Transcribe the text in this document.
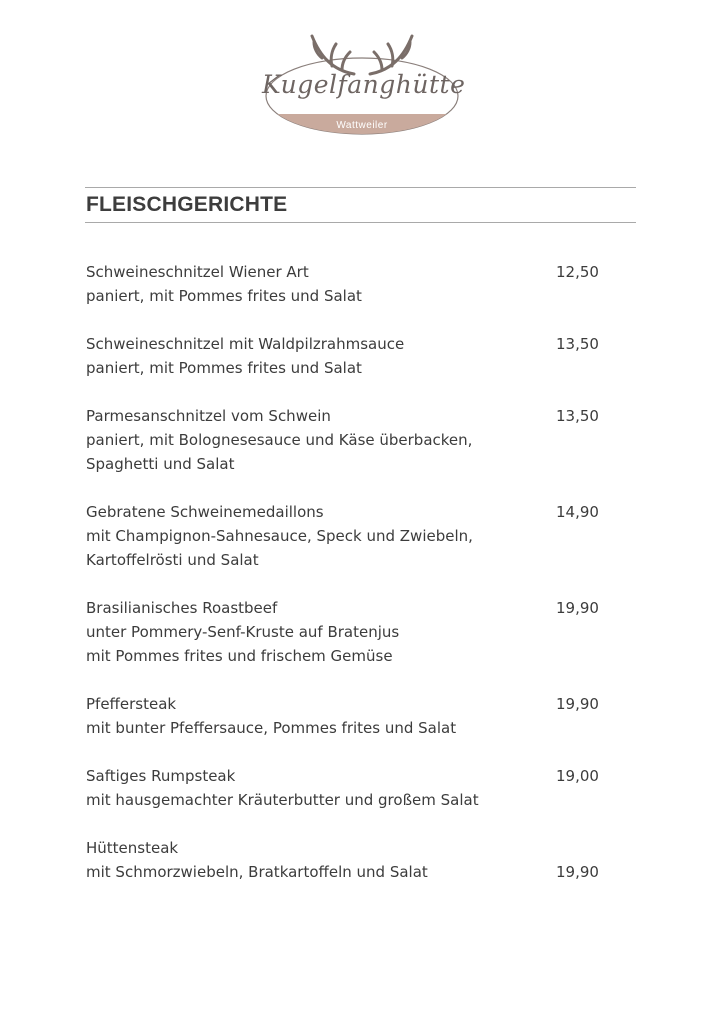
Kugelfanghütte
Wattweiler
FLEISCHGERICHTE
Schweineschnitzel Wiener Art
paniert, mit Pommes frites und Salat
12,50
Schweineschnitzel mit Waldpilzrahmsauce
paniert, mit Pommes frites und Salat
13,50
Parmesanschnitzel vom Schwein
paniert, mit Bolognesesauce und Käse überbacken,
Spaghetti und Salat
13,50
Gebratene Schweinemedaillons
mit Champignon-Sahnesauce, Speck und Zwiebeln,
Kartoffelrösti und Salat
14,90
Brasilianisches Roastbeef
unter Pommery-Senf-Kruste auf Bratenjus
mit Pommes frites und frischem Gemüse
19,90
Pfeffersteak
mit bunter Pfeffersauce, Pommes frites und Salat
19,90
Saftiges Rumpsteak
mit hausgemachter Kräuterbutter und großem Salat
19,00
Hüttensteak
mit Schmorzwiebeln, Bratkartoffeln und Salat	19,90
